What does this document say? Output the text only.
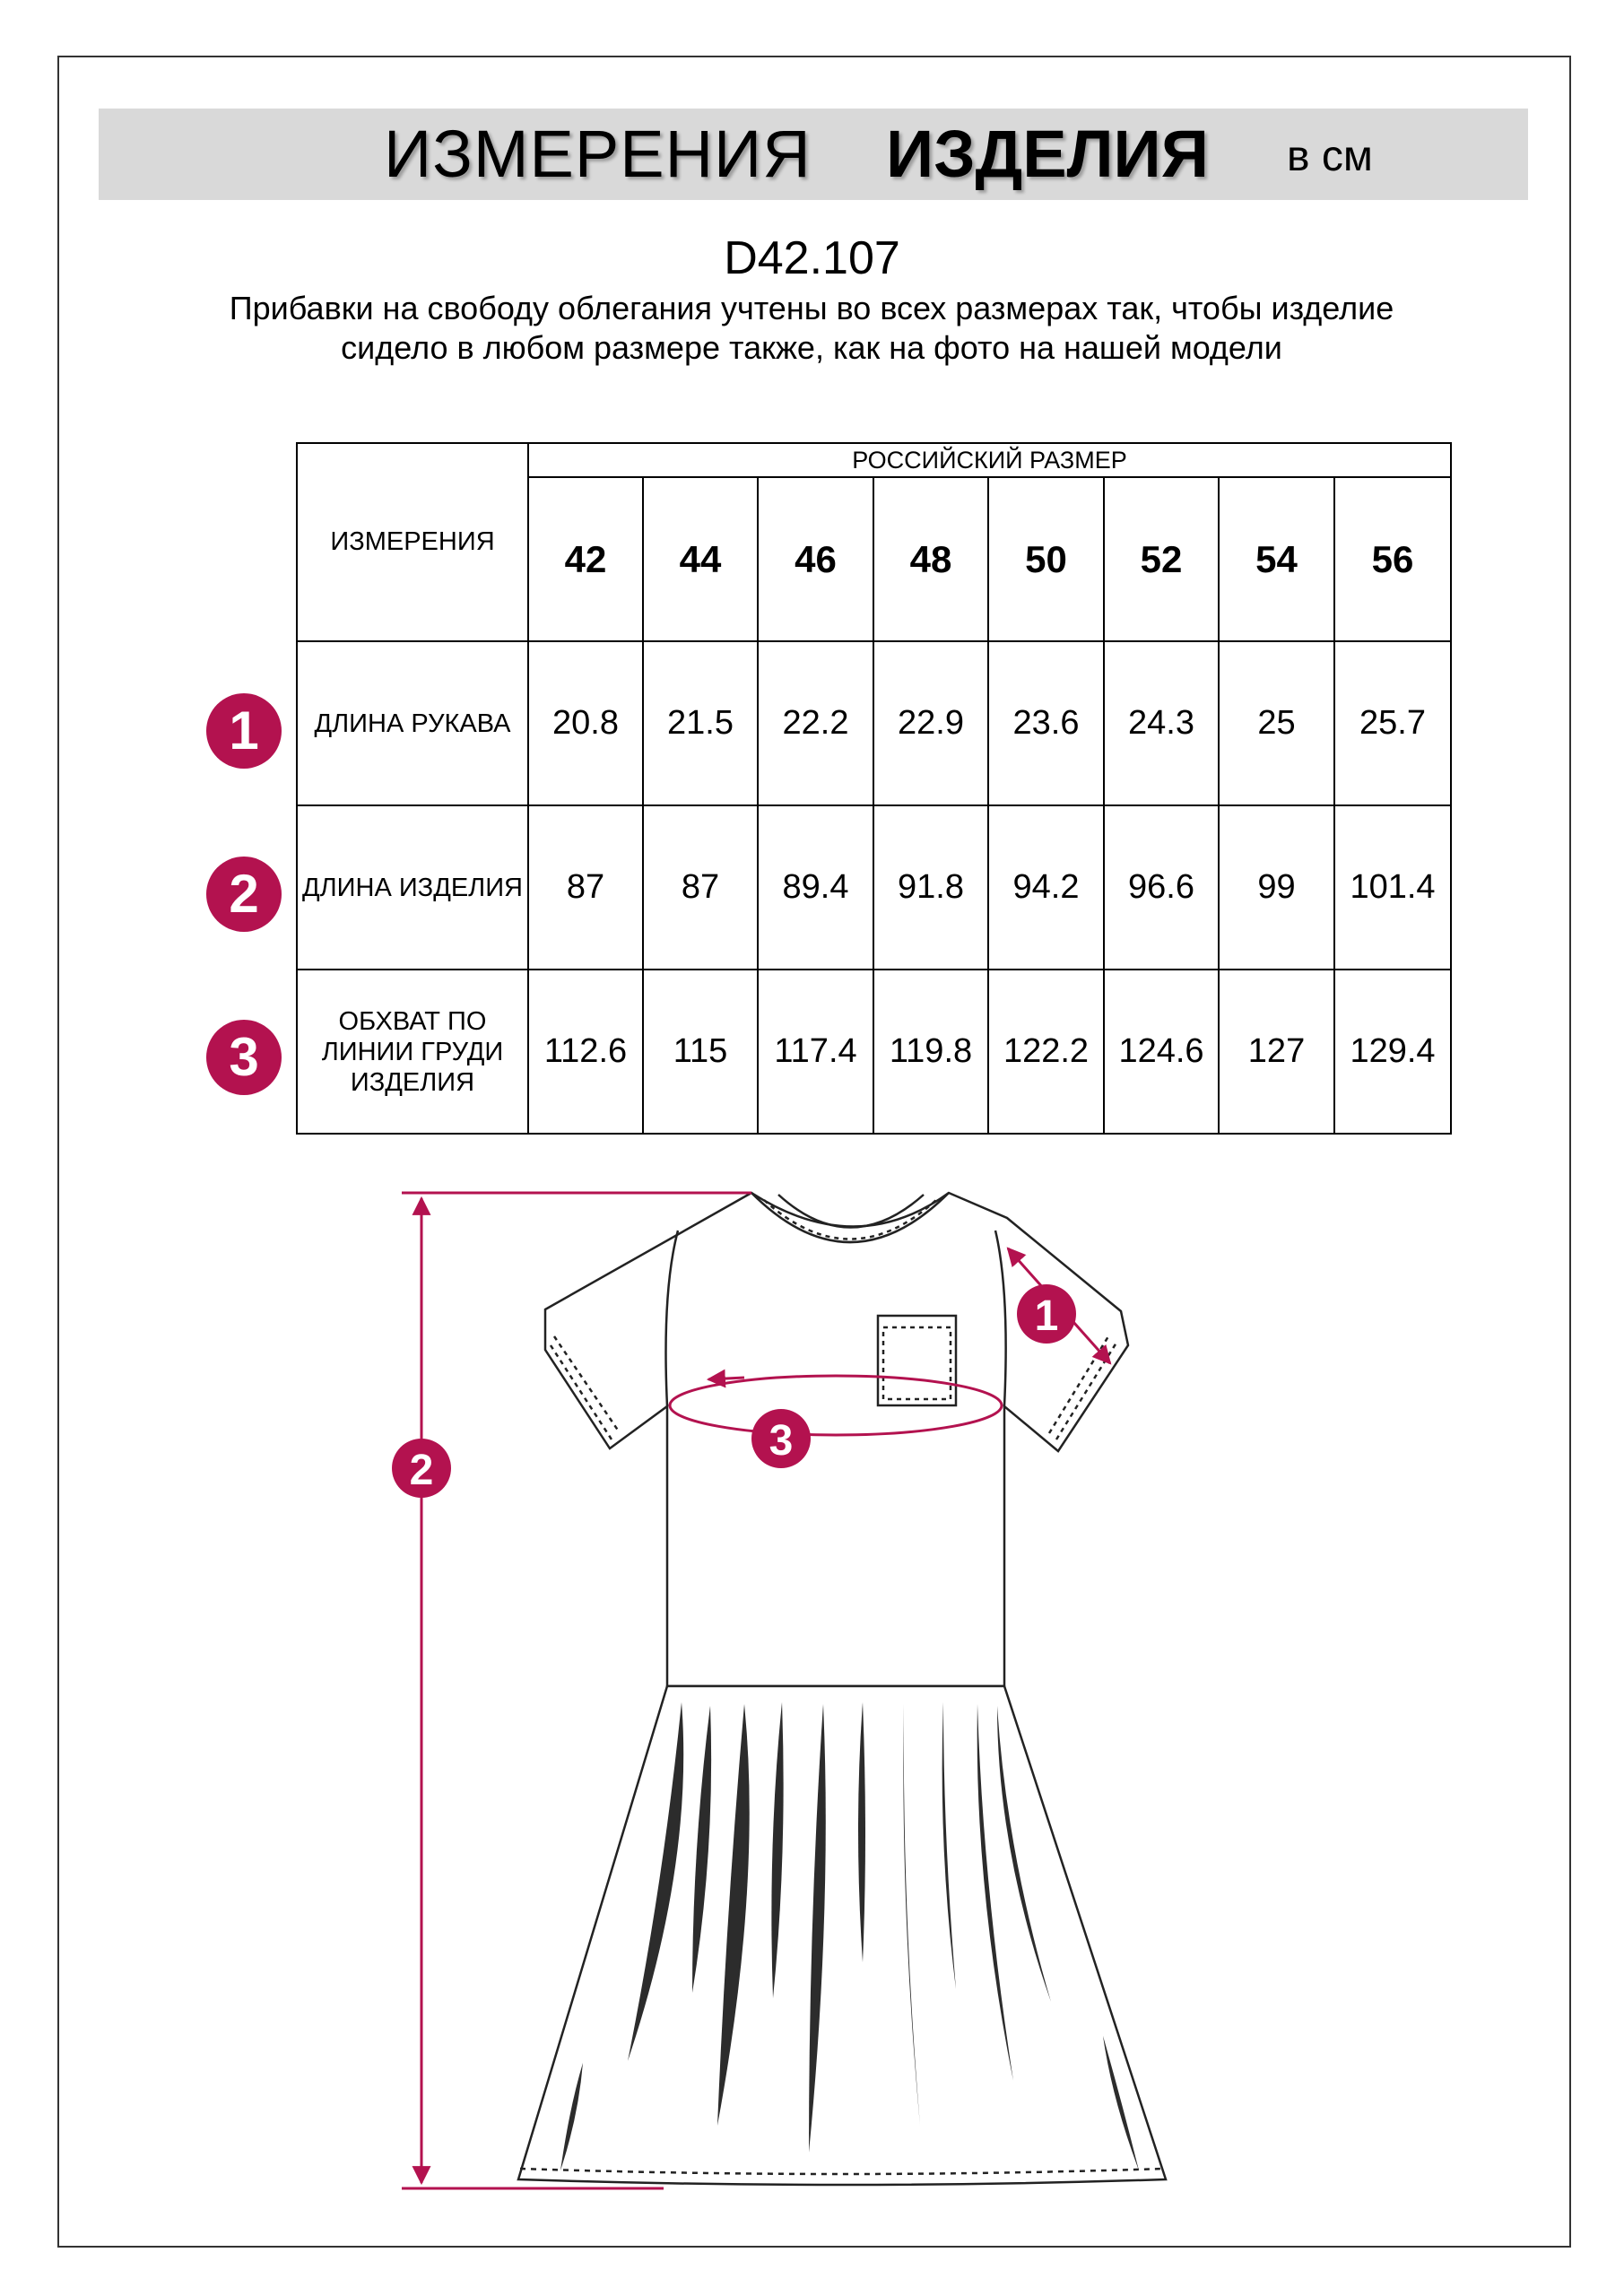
ИЗМЕРЕНИЯ ИЗДЕЛИЯ в см
D42.107
Прибавки на свободу облегания учтены во всех размерах так, чтобы изделие сидело в любом размере также, как на фото на нашей модели
ИЗМЕРЕНИЯ	РОССИЙСКИЙ РАЗМЕР							
	42	44	46	48	50	52	54	56
ДЛИНА РУКАВА	20.8	21.5	22.2	22.9	23.6	24.3	25	25.7
ДЛИНА ИЗДЕЛИЯ	87	87	89.4	91.8	94.2	96.6	99	101.4
ОБХВАТ ПО ЛИНИИ ГРУДИ ИЗДЕЛИЯ	112.6	115	117.4	119.8	122.2	124.6	127	129.4
1
2
3
1
2
3
